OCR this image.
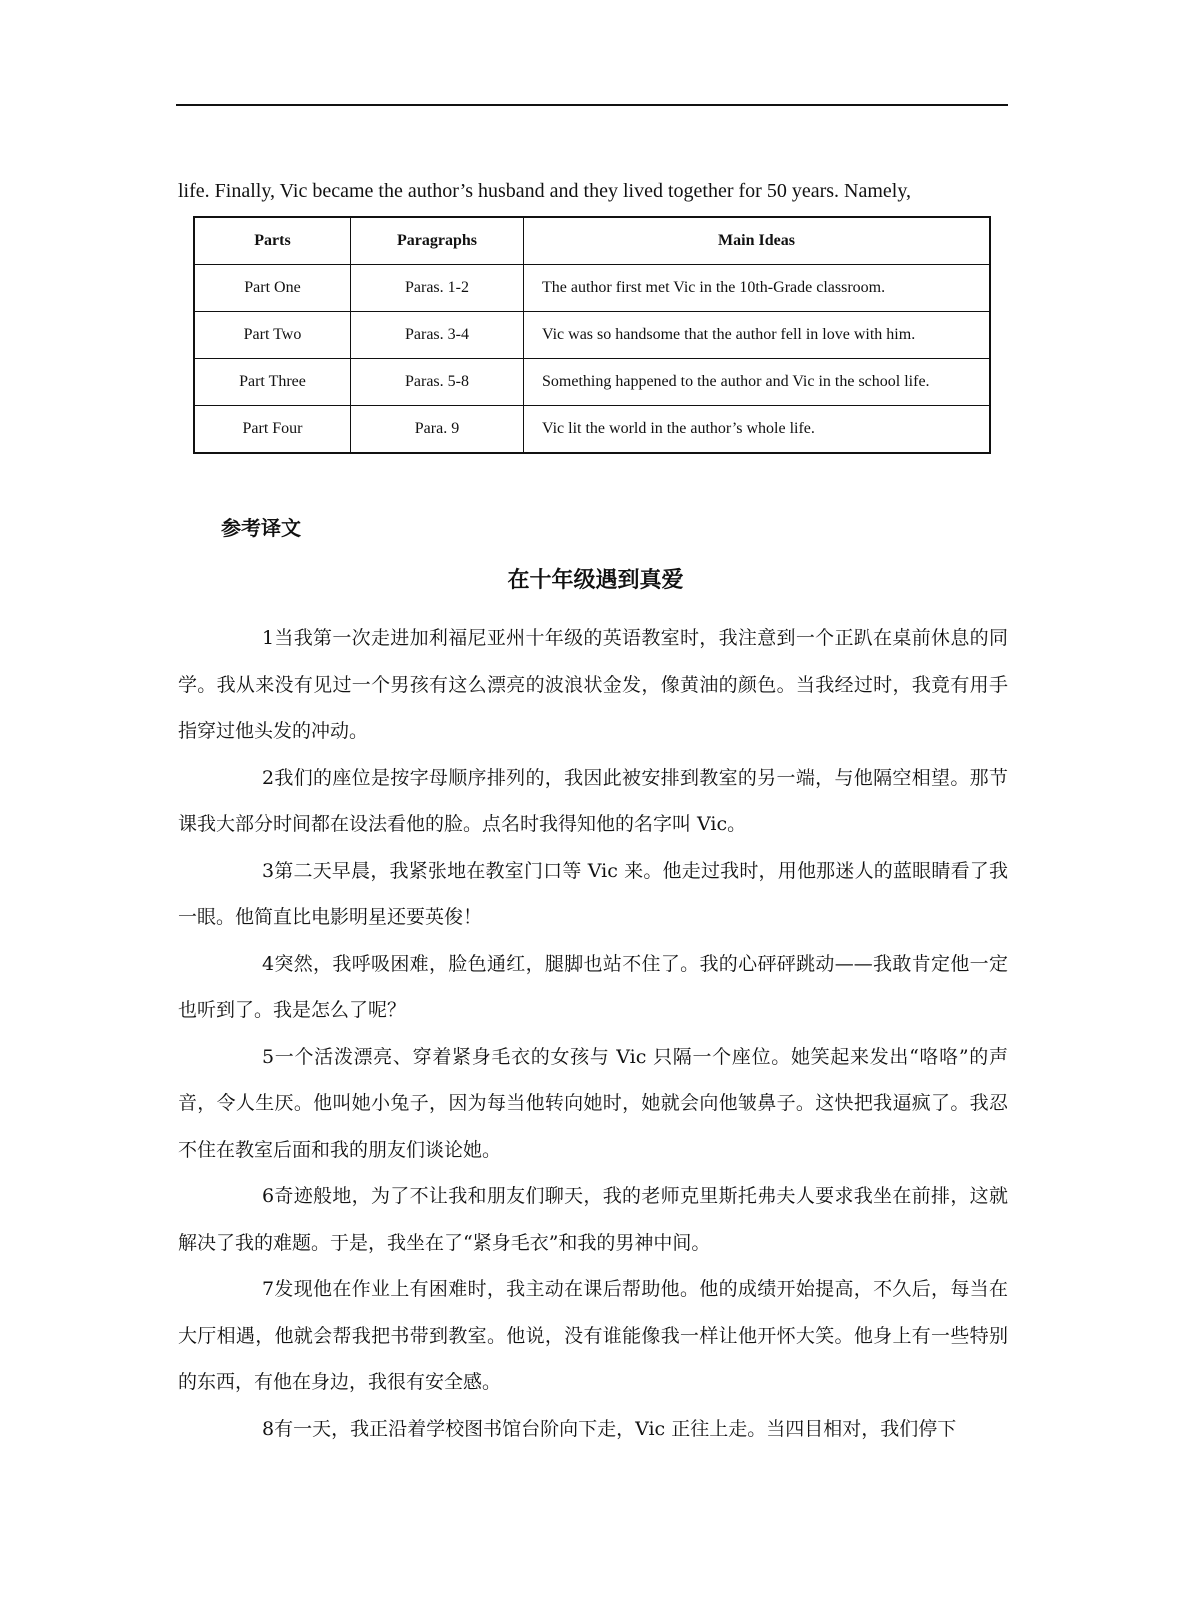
life. Finally, Vic became the author’s husband and they lived together for 50 years. Namely,
Parts	Paragraphs	Main Ideas
Part One	Paras. 1-2	The author first met Vic in the 10th-Grade classroom.
Part Two	Paras. 3-4	Vic was so handsome that the author fell in love with him.
Part Three	Paras. 5-8	Something happened to the author and Vic in the school life.
Part Four	Para. 9	Vic lit the world in the author’s whole life.
参考译文
在十年级遇到真爱

1当我第一次走进加利福尼亚州十年级的英语教室时，我注意到一个正趴在桌前休息的同学。我从来没有见过一个男孩有这么漂亮的波浪状金发，像黄油的颜色。当我经过时，我竟有用手指穿过他头发的冲动。

2我们的座位是按字母顺序排列的，我因此被安排到教室的另一端，与他隔空相望。那节课我大部分时间都在设法看他的脸。点名时我得知他的名字叫 Vic。

3第二天早晨，我紧张地在教室门口等 Vic 来。他走过我时，用他那迷人的蓝眼睛看了我一眼。他简直比电影明星还要英俊！

4突然，我呼吸困难，脸色通红，腿脚也站不住了。我的心砰砰跳动——我敢肯定他一定也听到了。我是怎么了呢？

5一个活泼漂亮、穿着紧身毛衣的女孩与 Vic 只隔一个座位。她笑起来发出“咯咯”的声音，令人生厌。他叫她小兔子，因为每当他转向她时，她就会向他皱鼻子。这快把我逼疯了。我忍不住在教室后面和我的朋友们谈论她。

6奇迹般地，为了不让我和朋友们聊天，我的老师克里斯托弗夫人要求我坐在前排，这就解决了我的难题。于是，我坐在了“紧身毛衣”和我的男神中间。

7发现他在作业上有困难时，我主动在课后帮助他。他的成绩开始提高，不久后，每当在大厅相遇，他就会帮我把书带到教室。他说，没有谁能像我一样让他开怀大笑。他身上有一些特别的东西，有他在身边，我很有安全感。

8有一天，我正沿着学校图书馆台阶向下走，Vic 正往上走。当四目相对，我们停下
